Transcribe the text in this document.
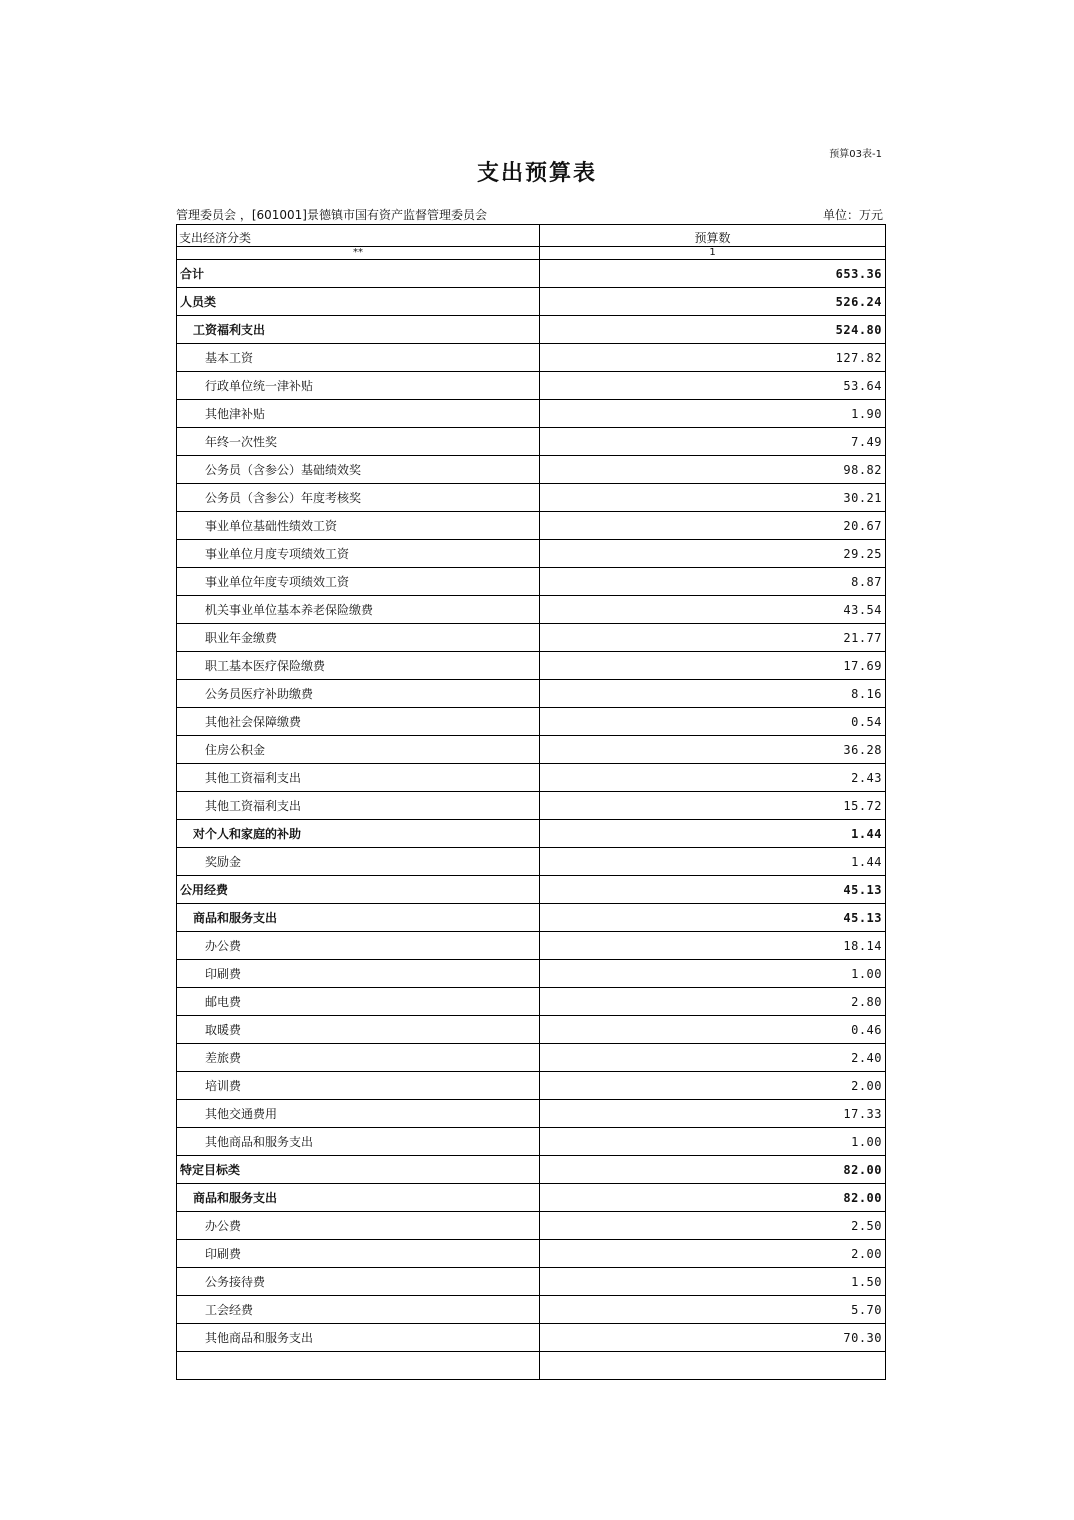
预算03表-1
支出预算表
管理委员会 ，[601001]景德镇市国有资产监督管理委员会	单位：万元
支出经济分类	预算数
**	1
合计	653.36
人员类	526.24
工资福利支出	524.80
基本工资	127.82
行政单位统一津补贴	53.64
其他津补贴	1.90
年终一次性奖	7.49
公务员（含参公）基础绩效奖	98.82
公务员（含参公）年度考核奖	30.21
事业单位基础性绩效工资	20.67
事业单位月度专项绩效工资	29.25
事业单位年度专项绩效工资	8.87
机关事业单位基本养老保险缴费	43.54
职业年金缴费	21.77
职工基本医疗保险缴费	17.69
公务员医疗补助缴费	8.16
其他社会保障缴费	0.54
住房公积金	36.28
其他工资福利支出	2.43
其他工资福利支出	15.72
对个人和家庭的补助	1.44
奖励金	1.44
公用经费	45.13
商品和服务支出	45.13
办公费	18.14
印刷费	1.00
邮电费	2.80
取暖费	0.46
差旅费	2.40
培训费	2.00
其他交通费用	17.33
其他商品和服务支出	1.00
特定目标类	82.00
商品和服务支出	82.00
办公费	2.50
印刷费	2.00
公务接待费	1.50
工会经费	5.70
其他商品和服务支出	70.30
